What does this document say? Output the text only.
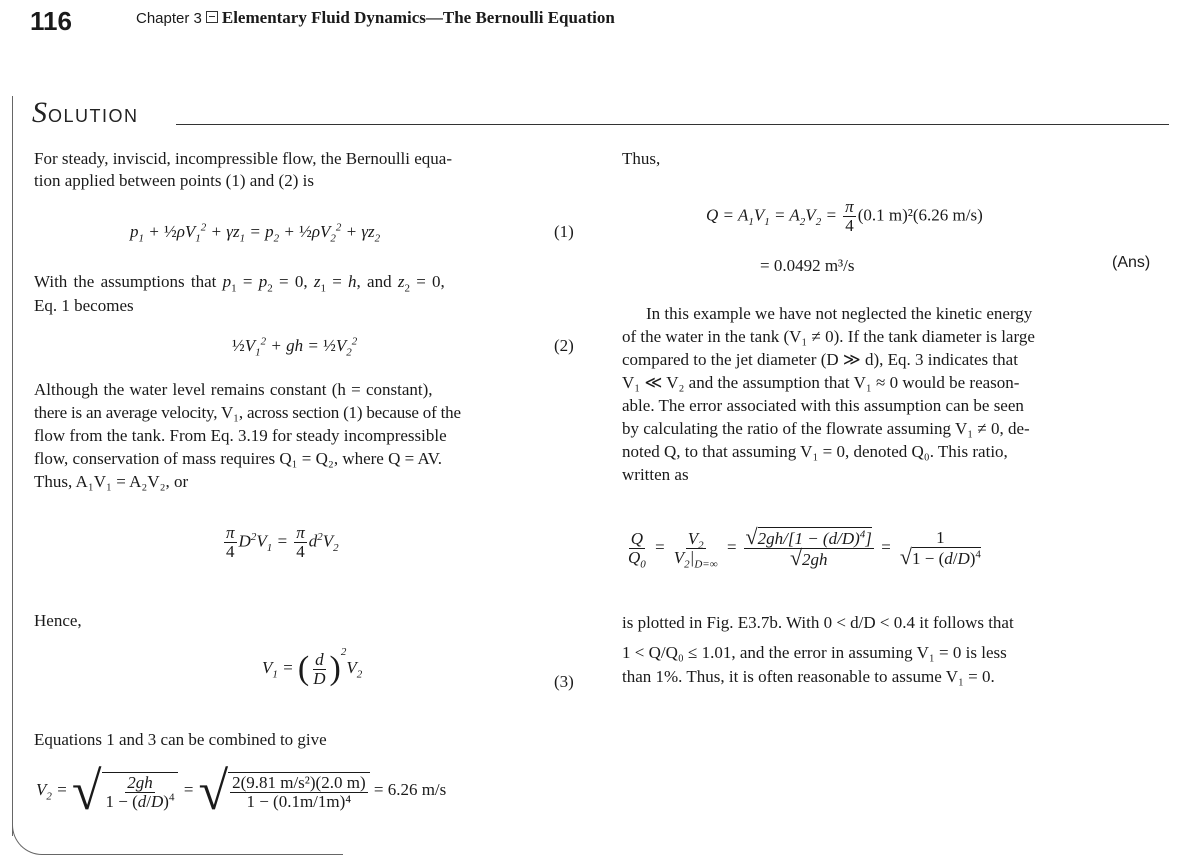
116	Chapter 3 Elementary Fluid Dynamics—The Bernoulli Equation
SOLUTION
For steady, inviscid, incompressible flow, the Bernoulli equa-
tion applied between points (1) and (2) is
$p_1$ + $\frac{1}{2}\rho V_1^2 + \gamma z_1 = p_2$ + $\frac{1}{2}\rho V_2^2 + \gamma z_2$	(1)
With the assumptions that $p_1 = p_2 = 0$, $z_1 = h$, and $z_2 = 0$,
Eq. 1 becomes
$\frac{1}{2}V_1^2$ + gh = $\frac{1}{2}V_2^2$	(2)
Although the water level remains constant (h = constant),
there is an average velocity, V₁, across section (1) because of the
flow from the tank. From Eq. 3.19 for steady incompressible
flow, conservation of mass requires Q₁ = Q₂, where Q = AV.
Thus, A₁V₁ = A₂V₂, or
$\frac{\pi}{4} D^2V_1 = \frac{\pi}{4} d^2V_2$
Hence,
$V_1$ = ( $\frac{d}{D} )^2V_2$	(3)
Equations 1 and 3 can be combined to give
$V_2$ = √ $\frac{2gh}{1 - (d/D)^4}$ = √ $\frac{\text{2(9.81 m/s²)(2.0 m)}}{\text{1 − (0.1m/1m)⁴}} = 6.26$ m/s
Thus,
$Q = A_1V_1 = A_2V_2 = \frac{\pi}{4} (0.1$ m)²(6.26 m/s)
= 0.0492 m³/s	(Ans)
In this example we have not neglected the kinetic energy
of the water in the tank (V₁ ≠ 0). If the tank diameter is large
compared to the jet diameter (D ≫ d), Eq. 3 indicates that
V₁ ≪ V₂ and the assumption that V₁ ≈ 0 would be reason-
able. The error associated with this assumption can be seen
by calculating the ratio of the flowrate assuming V₁ ≠ 0, de-
noted Q, to that assuming V₁ = 0, denoted Q₀. This ratio,
written as
$\frac{Q}{Q_0} = \frac{V_2}{V_2|_{D=\infty}} = \frac{√2gh/[1 - (d/D)^4]}{√2gh} = \frac{1}{√1 - (d/D)^4}$
is plotted in Fig. E3.7b. With 0 < d/D < 0.4 it follows that
1 < Q/Q₀ ≤ 1.01, and the error in assuming V₁ = 0 is less
than 1%. Thus, it is often reasonable to assume V₁ = 0.
